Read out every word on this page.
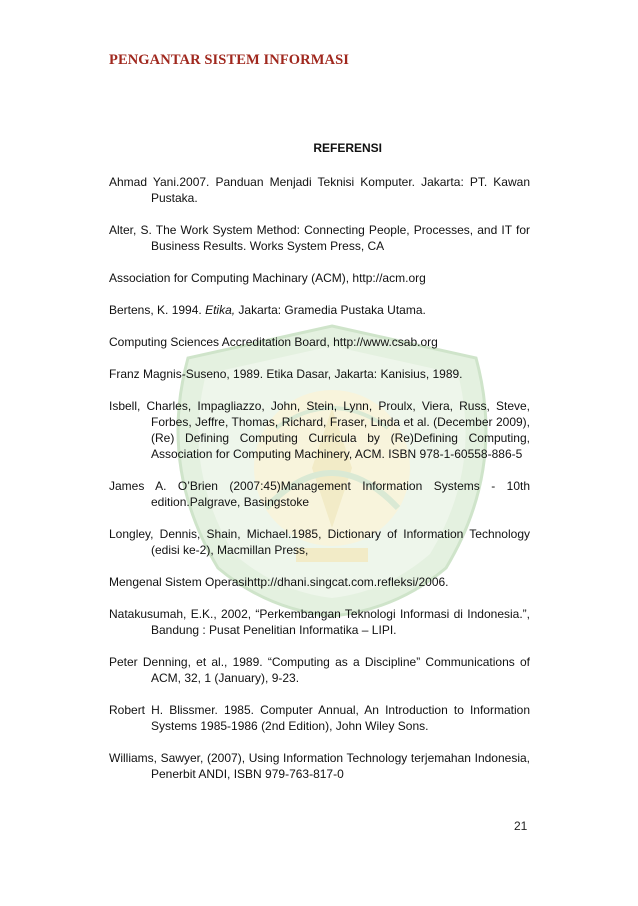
PENGANTAR SISTEM INFORMASI
REFERENSI

Ahmad Yani.2007. Panduan Menjadi Teknisi Komputer. Jakarta: PT. Kawan Pustaka.

Alter, S. The Work System Method: Connecting People, Processes, and IT for Business Results. Works System Press, CA

Association for Computing Machinary (ACM), http://acm.org

Bertens, K. 1994. Etika, Jakarta: Gramedia Pustaka Utama.

Computing Sciences Accreditation Board, http://www.csab.org

Franz Magnis-Suseno, 1989. Etika Dasar, Jakarta: Kanisius, 1989.

Isbell, Charles, Impagliazzo, John, Stein, Lynn, Proulx, Viera, Russ, Steve, Forbes, Jeffre, Thomas, Richard, Fraser, Linda et al. (December 2009), (Re) Defining Computing Curricula by (Re)Defining Computing, Association for Computing Machinery, ACM. ISBN 978-1-60558-886-5

James A. O’Brien (2007:45)Management Information Systems - 10th edition.Palgrave, Basingstoke

Longley, Dennis, Shain, Michael.1985, Dictionary of Information Technology (edisi ke-2), Macmillan Press,

Mengenal Sistem Operasihttp://dhani.singcat.com.refleksi/2006.

Natakusumah, E.K., 2002, “Perkembangan Teknologi Informasi di Indonesia.”, Bandung : Pusat Penelitian Informatika – LIPI.

Peter Denning, et al., 1989. “Computing as a Discipline” Communications of ACM, 32, 1 (January), 9-23.

Robert H. Blissmer. 1985. Computer Annual, An Introduction to Information Systems 1985-1986 (2nd Edition), John Wiley Sons.

Williams, Sawyer, (2007), Using Information Technology terjemahan Indonesia, Penerbit ANDI, ISBN 979-763-817-0

21
